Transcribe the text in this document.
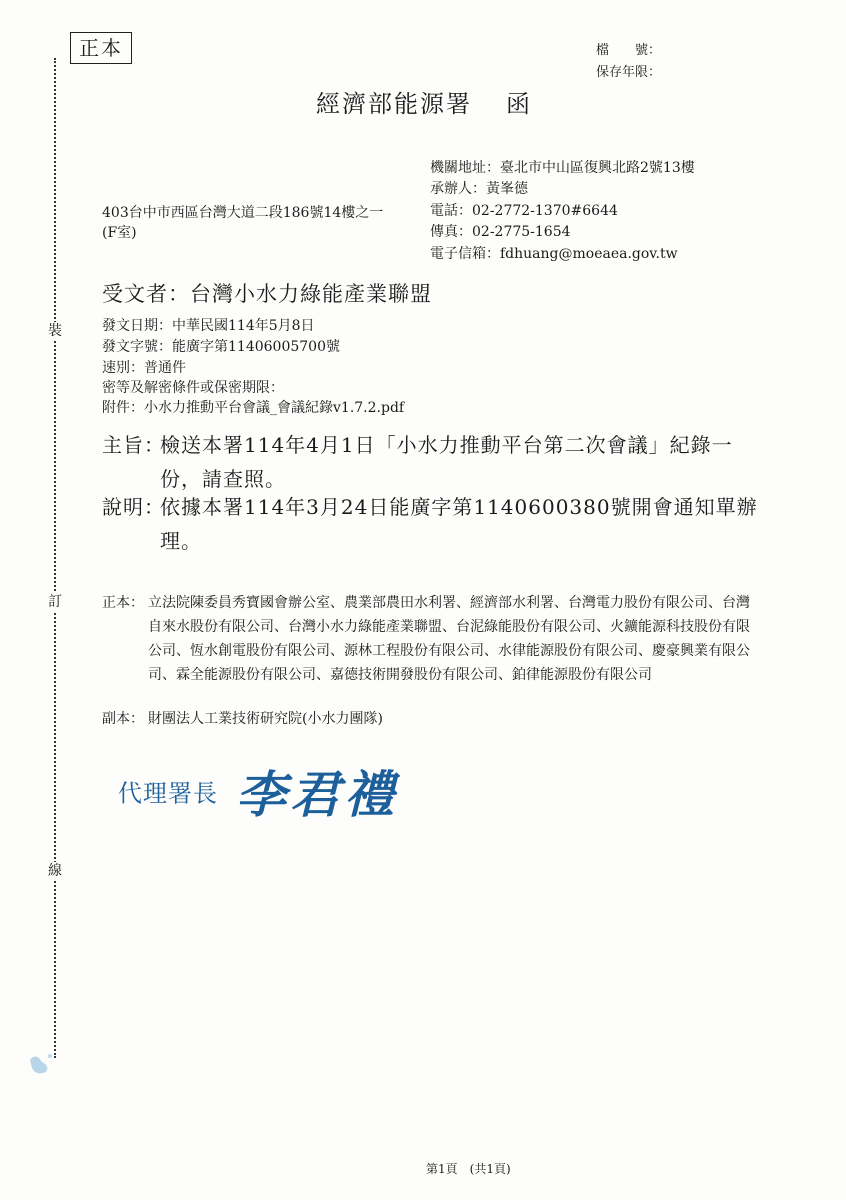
裝
訂
線
正本	檔　　號：
保存年限：
經濟部能源署 函
機關地址：臺北市中山區復興北路2號13樓
承辦人：黃峯德
電話：02-2772-1370#6644
傳真：02-2775-1654
電子信箱：fdhuang@moeaea.gov.tw
403台中市西區台灣大道二段186號14樓之一
(F室)
受文者：台灣小水力綠能產業聯盟
發文日期：中華民國114年5月8日
發文字號：能廣字第11406005700號
速別：普通件
密等及解密條件或保密期限：
附件：小水力推動平台會議_會議紀錄v1.7.2.pdf
主旨：
檢送本署114年4月1日「小水力推動平台第二次會議」紀錄一份，請查照。
說明：
依據本署114年3月24日能廣字第1140600380號開會通知單辦理。
正本： 立法院陳委員秀寶國會辦公室、農業部農田水利署、經濟部水利署、台灣電力股份有限公司、台灣自來水股份有限公司、台灣小水力綠能產業聯盟、台泥綠能股份有限公司、火鑛能源科技股份有限公司、恆水創電股份有限公司、源林工程股份有限公司、水律能源股份有限公司、慶豪興業有限公司、霖全能源股份有限公司、嘉德技術開發股份有限公司、鉑律能源股份有限公司
副本： 財團法人工業技術研究院(小水力團隊)
代理署長 李君禮
第1頁　(共1頁)
